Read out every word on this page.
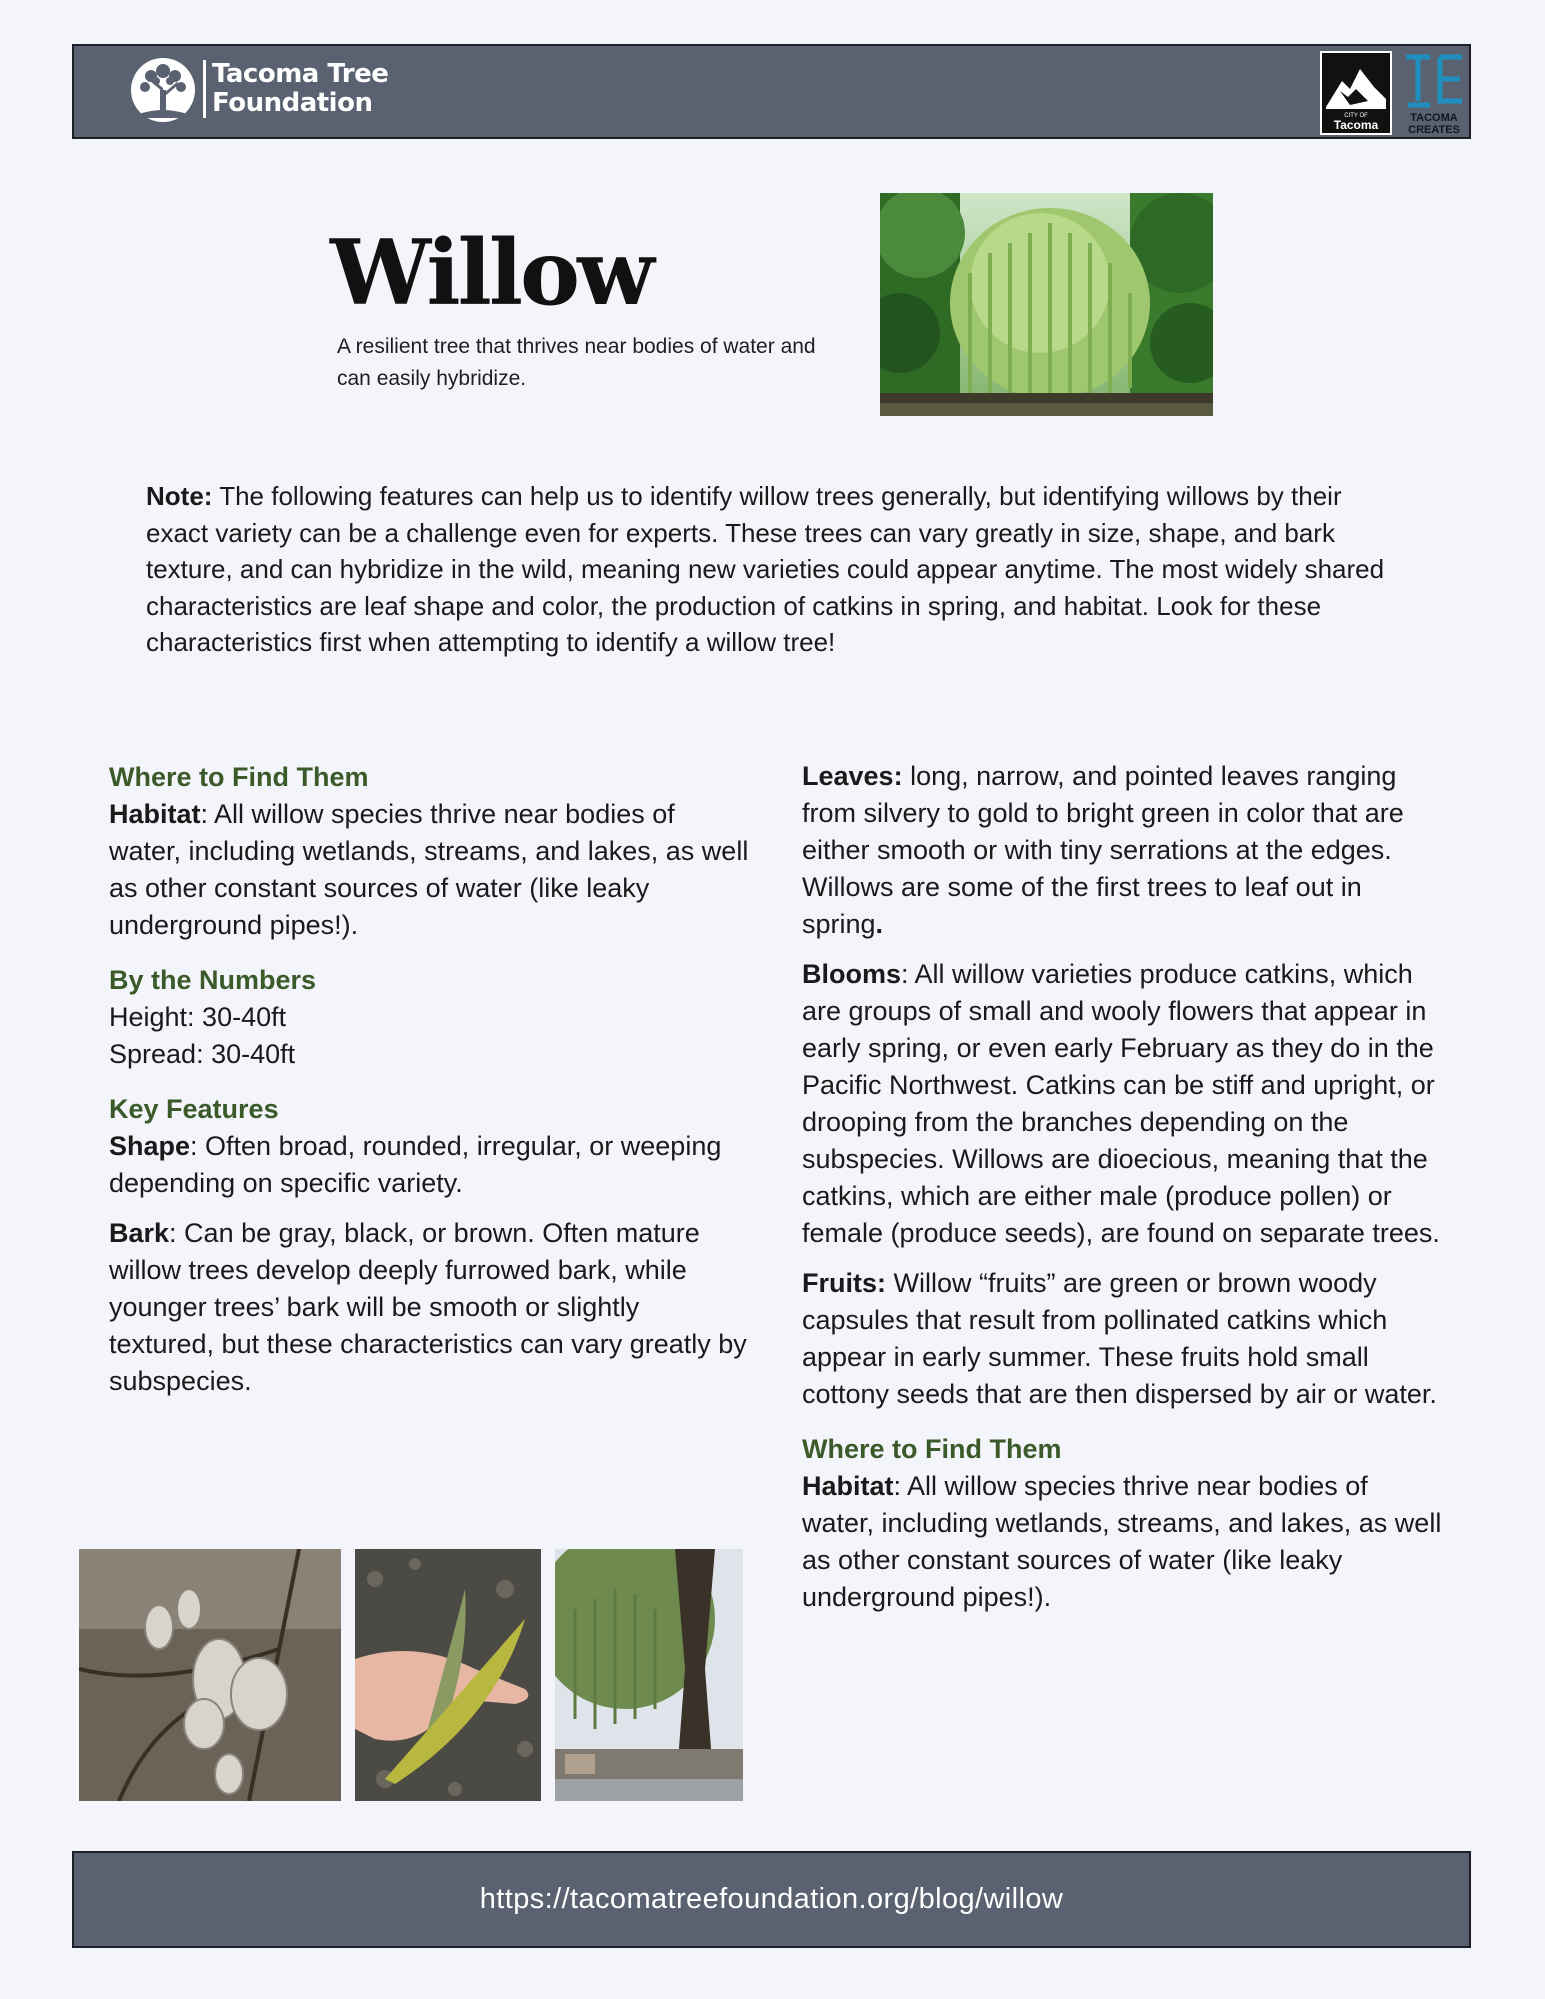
Tacoma Tree
Foundation	CITY OF
Tacoma	TACOMA
CREATES
Willow
A resilient tree that thrives near bodies of water and can easily hybridize.
Note: The following features can help us to identify willow trees generally, but identifying willows by their exact variety can be a challenge even for experts. These trees can vary greatly in size, shape, and bark texture, and can hybridize in the wild, meaning new varieties could appear anytime. The most widely shared characteristics are leaf shape and color, the production of catkins in spring, and habitat. Look for these characteristics first when attempting to identify a willow tree!
Where to Find Them

Habitat: All willow species thrive near bodies of water, including wetlands, streams, and lakes, as well as other constant sources of water (like leaky underground pipes!).

By the Numbers

Height: 30-40ft

Spread: 30-40ft

Key Features

Shape: Often broad, rounded, irregular, or weeping depending on specific variety.

Bark: Can be gray, black, or brown. Often mature willow trees develop deeply furrowed bark, while younger trees’ bark will be smooth or slightly textured, but these characteristics can vary greatly by subspecies.

Leaves: long, narrow, and pointed leaves ranging from silvery to gold to bright green in color that are either smooth or with tiny serrations at the edges. Willows are some of the first trees to leaf out in spring.

Blooms: All willow varieties produce catkins, which are groups of small and wooly flowers that appear in early spring, or even early February as they do in the Pacific Northwest. Catkins can be stiff and upright, or drooping from the branches depending on the subspecies. Willows are dioecious, meaning that the catkins, which are either male (produce pollen) or female (produce seeds), are found on separate trees.

Fruits: Willow “fruits” are green or brown woody capsules that result from pollinated catkins which appear in early summer. These fruits hold small cottony seeds that are then dispersed by air or water.

Where to Find Them

Habitat: All willow species thrive near bodies of water, including wetlands, streams, and lakes, as well as other constant sources of water (like leaky underground pipes!).

https://tacomatreefoundation.org/blog/willow
